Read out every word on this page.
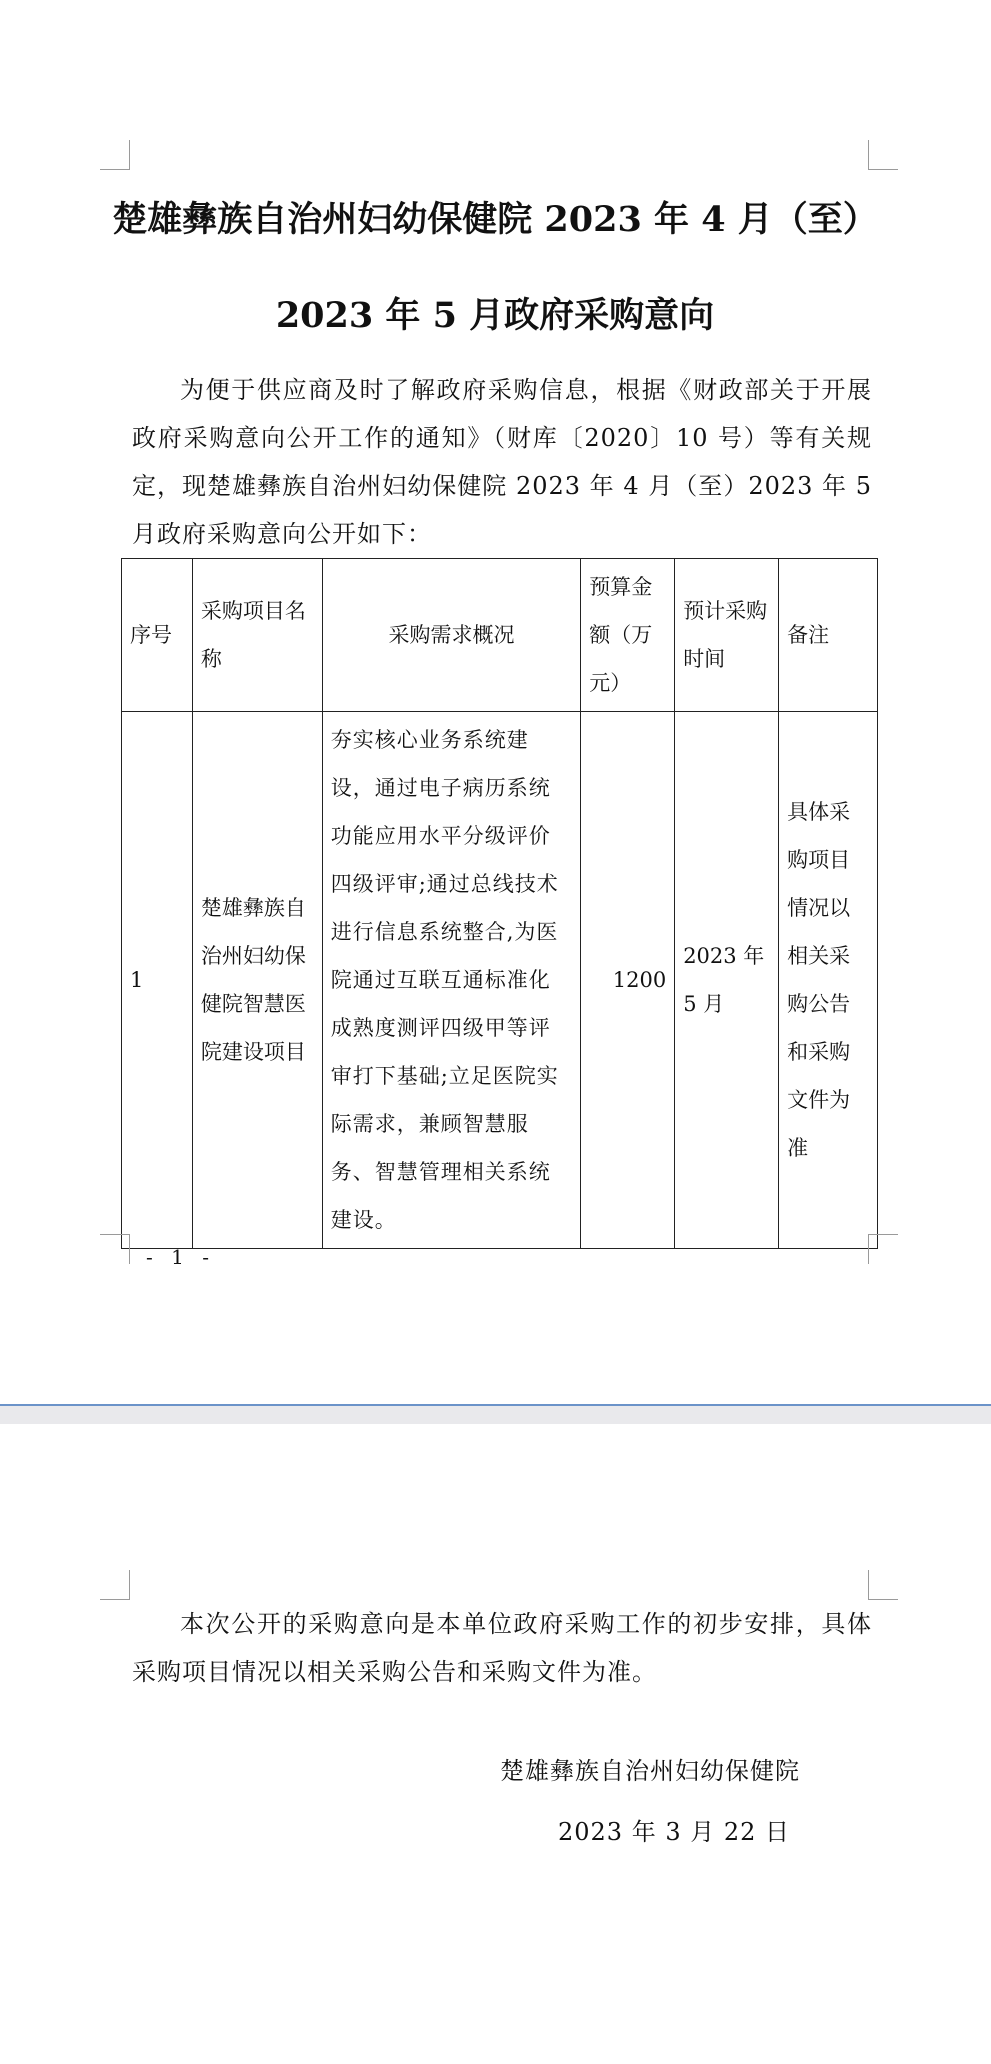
楚雄彝族自治州妇幼保健院 2023 年 4 月（至）
2023 年 5 月政府采购意向
为便于供应商及时了解政府采购信息，根据《财政部关于开展政府采购意向公开工作的通知》（财库〔2020〕10 号）等有关规定，现楚雄彝族自治州妇幼保健院 2023 年 4 月（至）2023 年 5 月政府采购意向公开如下：
序号	采购项目名称	采购需求概况	预算金额（万元）	预计采购时间	备注
1	楚雄彝族自治州妇幼保健院智慧医院建设项目	夯实核心业务系统建设，通过电子病历系统功能应用水平分级评价四级评审;通过总线技术进行信息系统整合,为医院通过互联互通标准化成熟度测评四级甲等评审打下基础;立足医院实际需求，兼顾智慧服务、智慧管理相关系统建设。	1200	2023 年 5 月	具体采购项目情况以相关采购公告和采购文件为准
- 1 -
本次公开的采购意向是本单位政府采购工作的初步安排，具体采购项目情况以相关采购公告和采购文件为准。
楚雄彝族自治州妇幼保健院
2023 年 3 月 22 日
